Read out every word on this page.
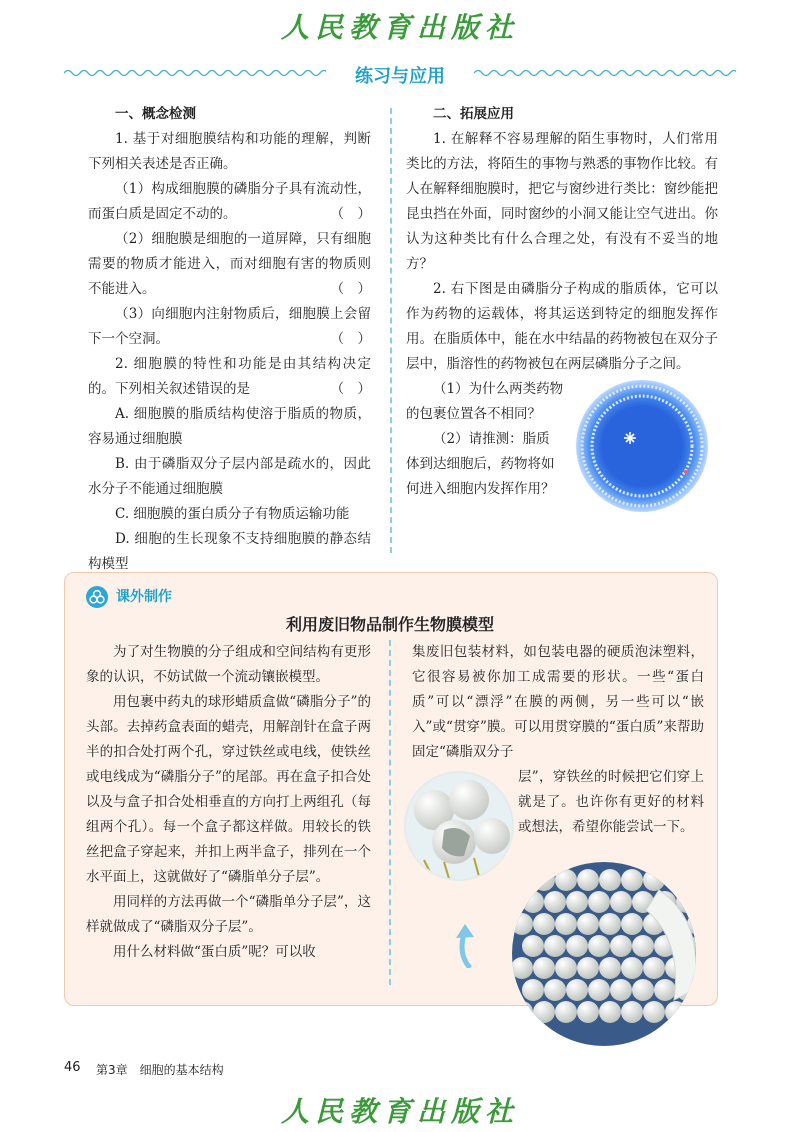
人民教育出版社
练习与应用

一、概念检测

1. 基于对细胞膜结构和功能的理解，判断下列相关表述是否正确。

（1）构成细胞膜的磷脂分子具有流动性，而蛋白质是固定不动的。	（　）

（2）细胞膜是细胞的一道屏障，只有细胞需要的物质才能进入，而对细胞有害的物质则不能进入。	（　）

（3）向细胞内注射物质后，细胞膜上会留下一个空洞。	（　）

2. 细胞膜的特性和功能是由其结构决定的。下列相关叙述错误的是	（　）

A. 细胞膜的脂质结构使溶于脂质的物质，容易通过细胞膜

B. 由于磷脂双分子层内部是疏水的，因此水分子不能通过细胞膜

C. 细胞膜的蛋白质分子有物质运输功能

D. 细胞的生长现象不支持细胞膜的静态结构模型

二、拓展应用

1. 在解释不容易理解的陌生事物时，人们常用类比的方法，将陌生的事物与熟悉的事物作比较。有人在解释细胞膜时，把它与窗纱进行类比：窗纱能把昆虫挡在外面，同时窗纱的小洞又能让空气进出。你认为这种类比有什么合理之处，有没有不妥当的地方？

2. 右下图是由磷脂分子构成的脂质体，它可以作为药物的运载体，将其运送到特定的细胞发挥作用。在脂质体中，能在水中结晶的药物被包在双分子层中，脂溶性的药物被包在两层磷脂分子之间。

（1）为什么两类药物

的包裹位置各不相同？

（2）请推测：脂质

体到达细胞后，药物将如

何进入细胞内发挥作用？

课外制作
利用废旧物品制作生物膜模型

为了对生物膜的分子组成和空间结构有更形象的认识，不妨试做一个流动镶嵌模型。

用包裹中药丸的球形蜡质盒做“磷脂分子”的头部。去掉药盒表面的蜡壳，用解剖针在盒子两半的扣合处打两个孔，穿过铁丝或电线，使铁丝或电线成为“磷脂分子”的尾部。再在盒子扣合处以及与盒子扣合处相垂直的方向打上两组孔（每组两个孔）。每一个盒子都这样做。用较长的铁丝把盒子穿起来，并扣上两半盒子，排列在一个水平面上，这就做好了“磷脂单分子层”。

用同样的方法再做一个“磷脂单分子层”，这样就做成了“磷脂双分子层”。

用什么材料做“蛋白质”呢？可以收

集废旧包装材料，如包装电器的硬质泡沫塑料，它很容易被你加工成需要的形状。一些“蛋白质”可以“漂浮”在膜的两侧，另一些可以“嵌入”或“贯穿”膜。可以用贯穿膜的“蛋白质”来帮助固定“磷脂双分子

层”，穿铁丝的时候把它们穿上就是了。也许你有更好的材料或想法，希望你能尝试一下。

46 第3章　细胞的基本结构
人民教育出版社
